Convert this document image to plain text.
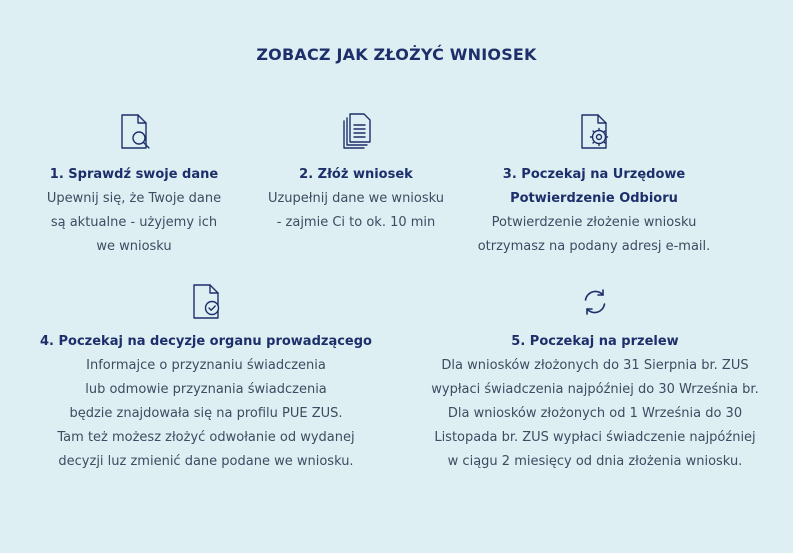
ZOBACZ JAK ZŁOŻYĆ WNIOSEK
1. Sprawdź swoje dane
Upewnij się, że Twoje dane
są aktualne - użyjemy ich
we wniosku
2. Złóż wniosek
Uzupełnij dane we wniosku
- zajmie Ci to ok. 10 min
3. Poczekaj na Urzędowe
Potwierdzenie Odbioru
Potwierdzenie złożenie wniosku
otrzymasz na podany adresj e-mail.
4. Poczekaj na decyzje organu prowadzącego
Informajce o przyznaniu świadczenia
lub odmowie przyznania świadczenia
będzie znajdowała się na profilu PUE ZUS.
Tam też możesz złożyć odwołanie od wydanej
decyzji luz zmienić dane podane we wniosku.
5. Poczekaj na przelew
Dla wniosków złożonych do 31 Sierpnia br. ZUS
wypłaci świadczenia najpóźniej do 30 Września br.
Dla wniosków złożonych od 1 Września do 30
Listopada br. ZUS wypłaci świadczenie najpóźniej
w ciągu 2 miesięcy od dnia złożenia wniosku.
